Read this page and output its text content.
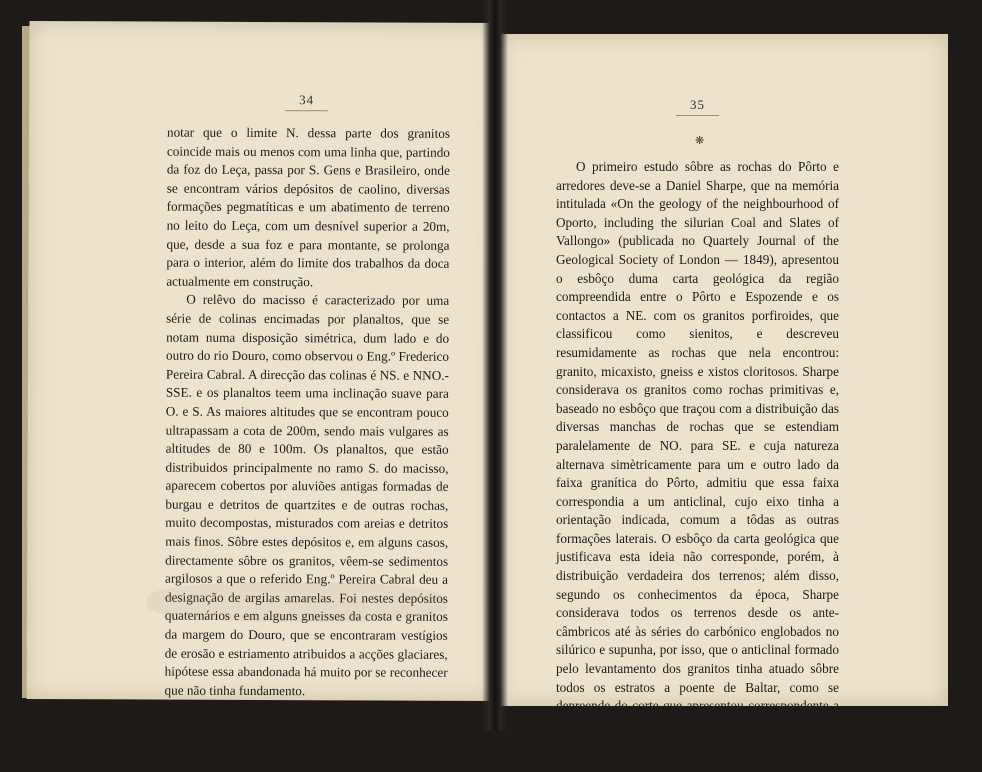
34

notar que o limite N. dessa parte dos granitos coincide mais ou menos com uma linha que, partindo da foz do Leça, passa por S. Gens e Brasileiro, onde se encontram vários depósitos de caolino, diversas formações pegmatíticas e um abatimento de terreno no leito do Leça, com um desnível superior a 20m, que, desde a sua foz e para montante, se prolonga para o interior, além do limite dos trabalhos da doca actualmente em construção.

O relêvo do macisso é caracterizado por uma série de colinas encimadas por planaltos, que se notam numa disposição simétrica, dum lado e do outro do rio Douro, como observou o Eng.º Frederico Pereira Cabral. A direcção das colinas é NS. e NNO.-SSE. e os planaltos teem uma inclinação suave para O. e S. As maiores altitudes que se encontram pouco ultrapassam a cota de 200m, sendo mais vulgares as altitudes de 80 e 100m. Os planaltos, que estão distribuidos principalmente no ramo S. do macisso, aparecem cobertos por aluviões antigas formadas de burgau e detritos de quartzites e de outras rochas, muito decompostas, misturados com areias e detritos mais finos. Sôbre estes depósitos e, em alguns casos, directamente sôbre os granitos, vêem-se sedimentos argilosos a que o referido Eng.º Pereira Cabral deu a designação de argilas amarelas. Foi nestes depósitos quaternários e em alguns gneisses da costa e granitos da margem do Douro, que se encontraram vestígios de erosão e estriamento atribuidos a acções glaciares, hipótese essa abandonada há muito por se reconhecer que não tinha fundamento.

35
❋

O primeiro estudo sôbre as rochas do Pôrto e arredores deve-se a Daniel Sharpe, que na memória intitulada «On the geology of the neighbourhood of Oporto, including the silurian Coal and Slates of Vallongo» (publicada no Quartely Journal of the Geological Society of London — 1849), apresentou o esbôço duma carta geológica da região compreendida entre o Pôrto e Espozende e os contactos a NE. com os granitos porfiroides, que classificou como sienitos, e descreveu resumidamente as rochas que nela encontrou: granito, micaxisto, gneiss e xistos cloritosos. Sharpe considerava os granitos como rochas primitivas e, baseado no esbôço que traçou com a distribuição das diversas manchas de rochas que se estendiam paralelamente de NO. para SE. e cuja natureza alternava simètricamente para um e outro lado da faixa granítica do Pôrto, admitiu que essa faixa correspondia a um anticlinal, cujo eixo tinha a orientação indicada, comum a tôdas as outras formações laterais. O esbôço da carta geológica que justificava esta ideia não corresponde, porém, à distribuição verdadeira dos terrenos; além disso, segundo os conhecimentos da época, Sharpe considerava todos os terrenos desde os ante-câmbricos até às séries do carbónico englobados no silúrico e supunha, por isso, que o anticlinal formado pelo levantamento dos granitos tinha atuado sôbre todos os estratos a poente de Baltar, como se depreende do corte que apresentou correspondente a uma linha que partia da foz do Douro até atingir os granitos porfiroides naquela povoação.

Com o estudo de Nery Delgado, sôbre o sistema
